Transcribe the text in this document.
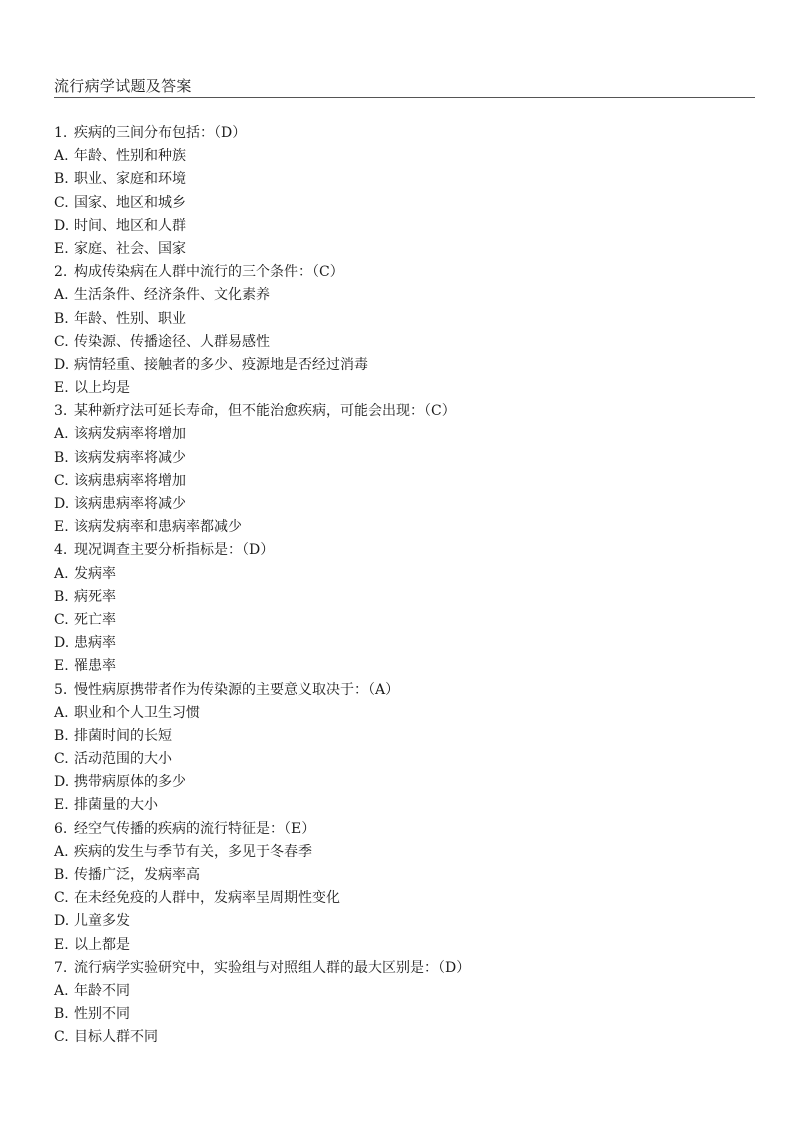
流行病学试题及答案
1. 疾病的三间分布包括：（D）
A. 年龄、性别和种族
B. 职业、家庭和环境
C. 国家、地区和城乡
D. 时间、地区和人群
E. 家庭、社会、国家
2. 构成传染病在人群中流行的三个条件：（C）
A. 生活条件、经济条件、文化素养
B. 年龄、性别、职业
C. 传染源、传播途径、人群易感性
D. 病情轻重、接触者的多少、疫源地是否经过消毒
E. 以上均是
3. 某种新疗法可延长寿命，但不能治愈疾病，可能会出现：（C）
A. 该病发病率将增加
B. 该病发病率将减少
C. 该病患病率将增加
D. 该病患病率将减少
E. 该病发病率和患病率都减少
4. 现况调查主要分析指标是：（D）
A. 发病率
B. 病死率
C. 死亡率
D. 患病率
E. 罹患率
5. 慢性病原携带者作为传染源的主要意义取决于：（A）
A. 职业和个人卫生习惯
B. 排菌时间的长短
C. 活动范围的大小
D. 携带病原体的多少
E. 排菌量的大小
6. 经空气传播的疾病的流行特征是：（E）
A. 疾病的发生与季节有关，多见于冬春季
B. 传播广泛，发病率高
C. 在未经免疫的人群中，发病率呈周期性变化
D. 儿童多发
E. 以上都是
7. 流行病学实验研究中，实验组与对照组人群的最大区别是：（D）
A. 年龄不同
B. 性别不同
C. 目标人群不同
